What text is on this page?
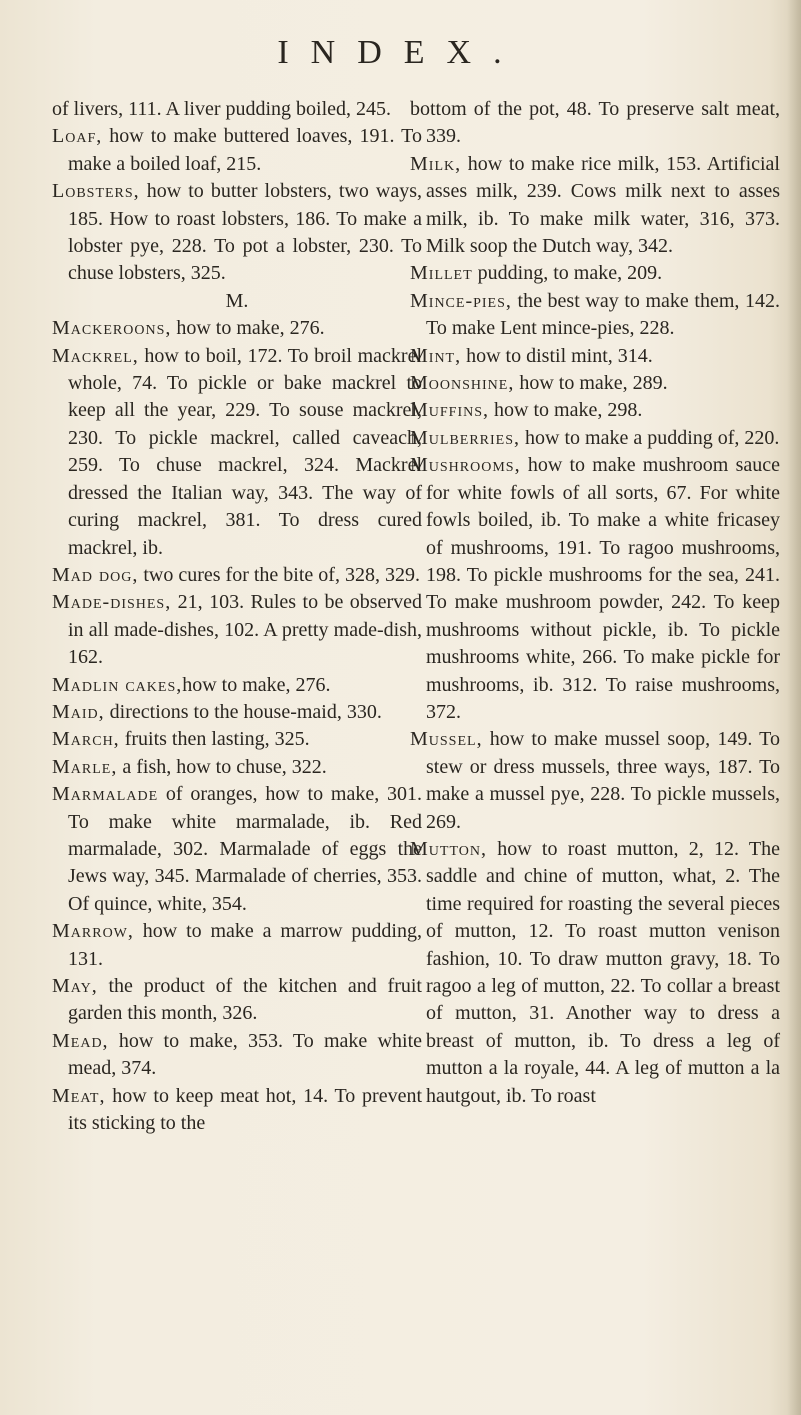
INDEX.

of livers, 111. A liver pudding boiled, 245.

Loaf, how to make buttered loaves, 191. To make a boiled loaf, 215.

Lobsters, how to butter lobsters, two ways, 185. How to roast lobsters, 186. To make a lobster pye, 228. To pot a lobster, 230. To chuse lobsters, 325.

M.

Mackeroons, how to make, 276.

Mackrel, how to boil, 172. To broil mackrel whole, 74. To pickle or bake mackrel to keep all the year, 229. To souse mackrel, 230. To pickle mackrel, called caveach, 259. To chuse mackrel, 324. Mackrel dressed the Italian way, 343. The way of curing mackrel, 381. To dress cured mackrel, ib.

Mad dog, two cures for the bite of, 328, 329.

Made-dishes, 21, 103. Rules to be observed in all made-dishes, 102. A pretty made-dish, 162.

Madlin cakes,how to make, 276.

Maid, directions to the house-maid, 330.

March, fruits then lasting, 325.

Marle, a fish, how to chuse, 322.

Marmalade of oranges, how to make, 301. To make white marmalade, ib. Red marmalade, 302. Marmalade of eggs the Jews way, 345. Marmalade of cherries, 353. Of quince, white, 354.

Marrow, how to make a marrow pudding, 131.

May, the product of the kitchen and fruit garden this month, 326.

Mead, how to make, 353. To make white mead, 374.

Meat, how to keep meat hot, 14. To prevent its sticking to the

bottom of the pot, 48. To preserve salt meat, 339.

Milk, how to make rice milk, 153. Artificial asses milk, 239. Cows milk next to asses milk, ib. To make milk water, 316, 373. Milk soop the Dutch way, 342.

Millet pudding, to make, 209.

Mince-pies, the best way to make them, 142. To make Lent mince-pies, 228.

Mint, how to distil mint, 314.

Moonshine, how to make, 289.

Muffins, how to make, 298.

Mulberries, how to make a pudding of, 220.

Mushrooms, how to make mushroom sauce for white fowls of all sorts, 67. For white fowls boiled, ib. To make a white fricasey of mushrooms, 191. To ragoo mushrooms, 198. To pickle mushrooms for the sea, 241. To make mushroom powder, 242. To keep mushrooms without pickle, ib. To pickle mushrooms white, 266. To make pickle for mushrooms, ib. 312. To raise mushrooms, 372.

Mussel, how to make mussel soop, 149. To stew or dress mussels, three ways, 187. To make a mussel pye, 228. To pickle mussels, 269.

Mutton, how to roast mutton, 2, 12. The saddle and chine of mutton, what, 2. The time required for roasting the several pieces of mutton, 12. To roast mutton venison fashion, 10. To draw mutton gravy, 18. To ragoo a leg of mutton, 22. To collar a breast of mutton, 31. Another way to dress a breast of mutton, ib. To dress a leg of mutton a la royale, 44. A leg of mutton a la hautgout, ib. To roast
